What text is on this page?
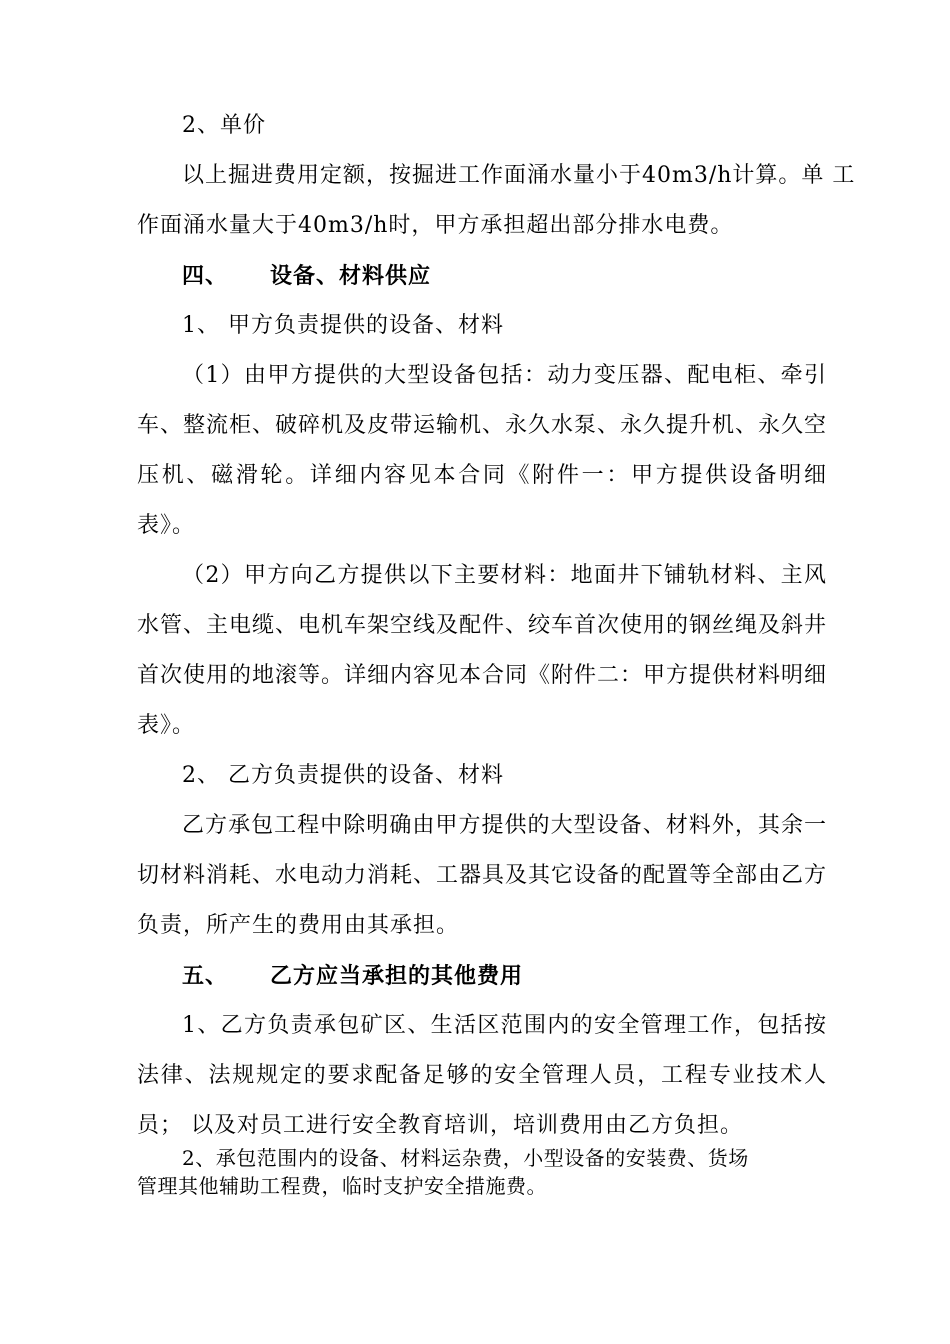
2、单价
以上掘进费用定额，按掘进工作面涌水量小于40m3/h计算。单 工
作面涌水量大于40m3/h时，甲方承担超出部分排水电费。
四、 设备、材料供应
1、 甲方负责提供的设备、材料
（1）由甲方提供的大型设备包括：动力变压器、配电柜、牵引
车、整流柜、破碎机及皮带运输机、永久水泵、永久提升机、永久空
压机、磁滑轮。详细内容见本合同《附件一：甲方提供设备明细
表》。
（2）甲方向乙方提供以下主要材料：地面井下铺轨材料、主风
水管、主电缆、电机车架空线及配件、绞车首次使用的钢丝绳及斜井
首次使用的地滚等。详细内容见本合同《附件二：甲方提供材料明细
表》。
2、 乙方负责提供的设备、材料
乙方承包工程中除明确由甲方提供的大型设备、材料外，其余一
切材料消耗、水电动力消耗、工器具及其它设备的配置等全部由乙方
负责，所产生的费用由其承担。
五、 乙方应当承担的其他费用
1、乙方负责承包矿区、生活区范围内的安全管理工作，包括按
法律、法规规定的要求配备足够的安全管理人员，工程专业技术人
员； 以及对员工进行安全教育培训，培训费用由乙方负担。
2、承包范围内的设备、材料运杂费，小型设备的安装费、货场
管理其他辅助工程费，临时支护安全措施费。
